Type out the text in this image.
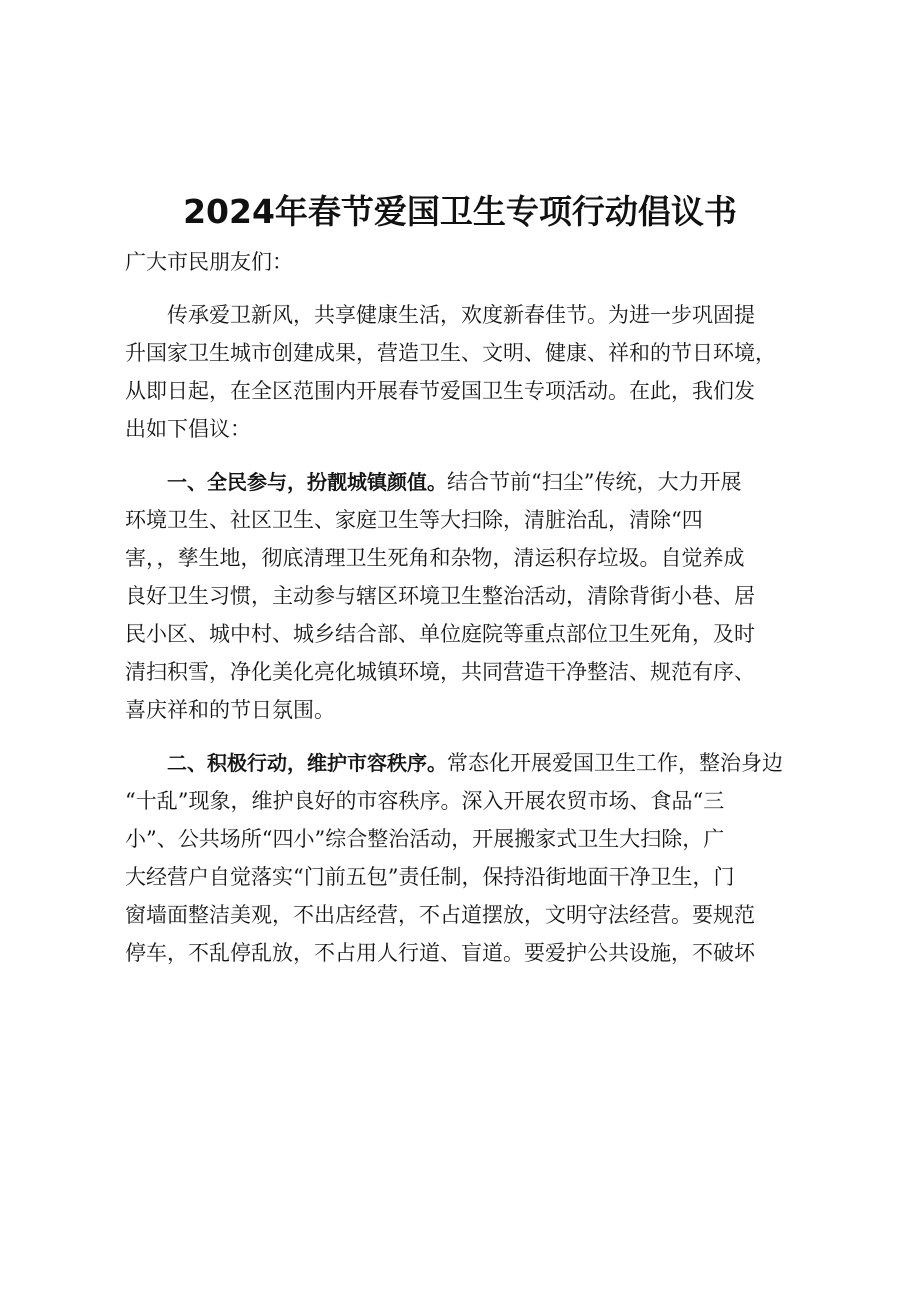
2024年春节爱国卫生专项行动倡议书

广大市民朋友们：

传承爱卫新风，共享健康生活，欢度新春佳节。为进一步巩固提
升国家卫生城市创建成果，营造卫生、文明、健康、祥和的节日环境，
从即日起，在全区范围内开展春节爱国卫生专项活动。在此，我们发
出如下倡议：
一、全民参与，扮靓城镇颜值。结合节前“扫尘”传统，大力开展
环境卫生、社区卫生、家庭卫生等大扫除，清脏治乱，清除“四
害，，孳生地，彻底清理卫生死角和杂物，清运积存垃圾。自觉养成
良好卫生习惯，主动参与辖区环境卫生整治活动，清除背街小巷、居
民小区、城中村、城乡结合部、单位庭院等重点部位卫生死角，及时
清扫积雪，净化美化亮化城镇环境，共同营造干净整洁、规范有序、
喜庆祥和的节日氛围。
二、积极行动，维护市容秩序。常态化开展爱国卫生工作，整治身边
“十乱”现象，维护良好的市容秩序。深入开展农贸市场、食品“三
小”、公共场所“四小”综合整治活动，开展搬家式卫生大扫除，广
大经营户自觉落实“门前五包”责任制，保持沿街地面干净卫生，门
窗墙面整洁美观，不出店经营，不占道摆放，文明守法经营。要规范
停车，不乱停乱放，不占用人行道、盲道。要爱护公共设施，不破坏
